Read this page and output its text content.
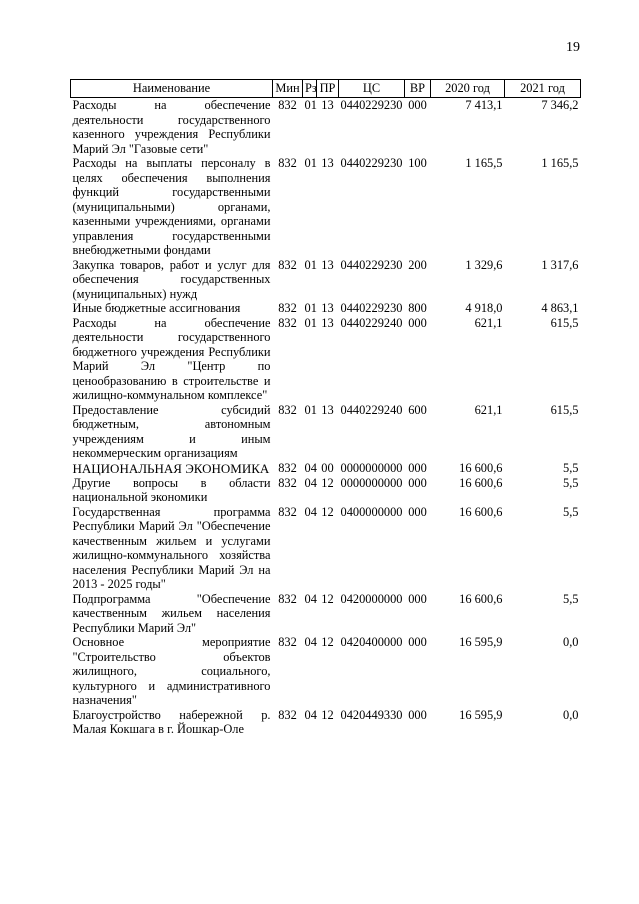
19
Наименование	Мин	Рз	ПР	ЦС	ВР	2020 год	2021 год
Расходы на обеспечение деятельности государственного казенного учреждения Республики Марий Эл "Газовые сети"	832	01	13	0440229230	000	7 413,1	7 346,2
Расходы на выплаты персоналу в целях обеспечения выполнения функций государственными (муниципальными) органами, казенными учреждениями, органами управления государственными внебюджетными фондами	832	01	13	0440229230	100	1 165,5	1 165,5
Закупка товаров, работ и услуг для обеспечения государственных (муниципальных) нужд	832	01	13	0440229230	200	1 329,6	1 317,6
Иные бюджетные ассигнования	832	01	13	0440229230	800	4 918,0	4 863,1
Расходы на обеспечение деятельности государственного бюджетного учреждения Республики Марий Эл "Центр по ценообразованию в строительстве и жилищно-коммунальном комплексе"	832	01	13	0440229240	000	621,1	615,5
Предоставление субсидий бюджетным, автономным учреждениям и иным некоммерческим организациям	832	01	13	0440229240	600	621,1	615,5
НАЦИОНАЛЬНАЯ ЭКОНОМИКА	832	04	00	0000000000	000	16 600,6	5,5
Другие вопросы в области национальной экономики	832	04	12	0000000000	000	16 600,6	5,5
Государственная программа Республики Марий Эл "Обеспечение качественным жильем и услугами жилищно-коммунального хозяйства населения Республики Марий Эл на 2013 - 2025 годы"	832	04	12	0400000000	000	16 600,6	5,5
Подпрограмма "Обеспечение качественным жильем населения Республики Марий Эл"	832	04	12	0420000000	000	16 600,6	5,5
Основное мероприятие "Строительство объектов жилищного, социального, культурного и административного назначения"	832	04	12	0420400000	000	16 595,9	0,0
Благоустройство набережной р. Малая Кокшага в г. Йошкар-Оле	832	04	12	0420449330	000	16 595,9	0,0
